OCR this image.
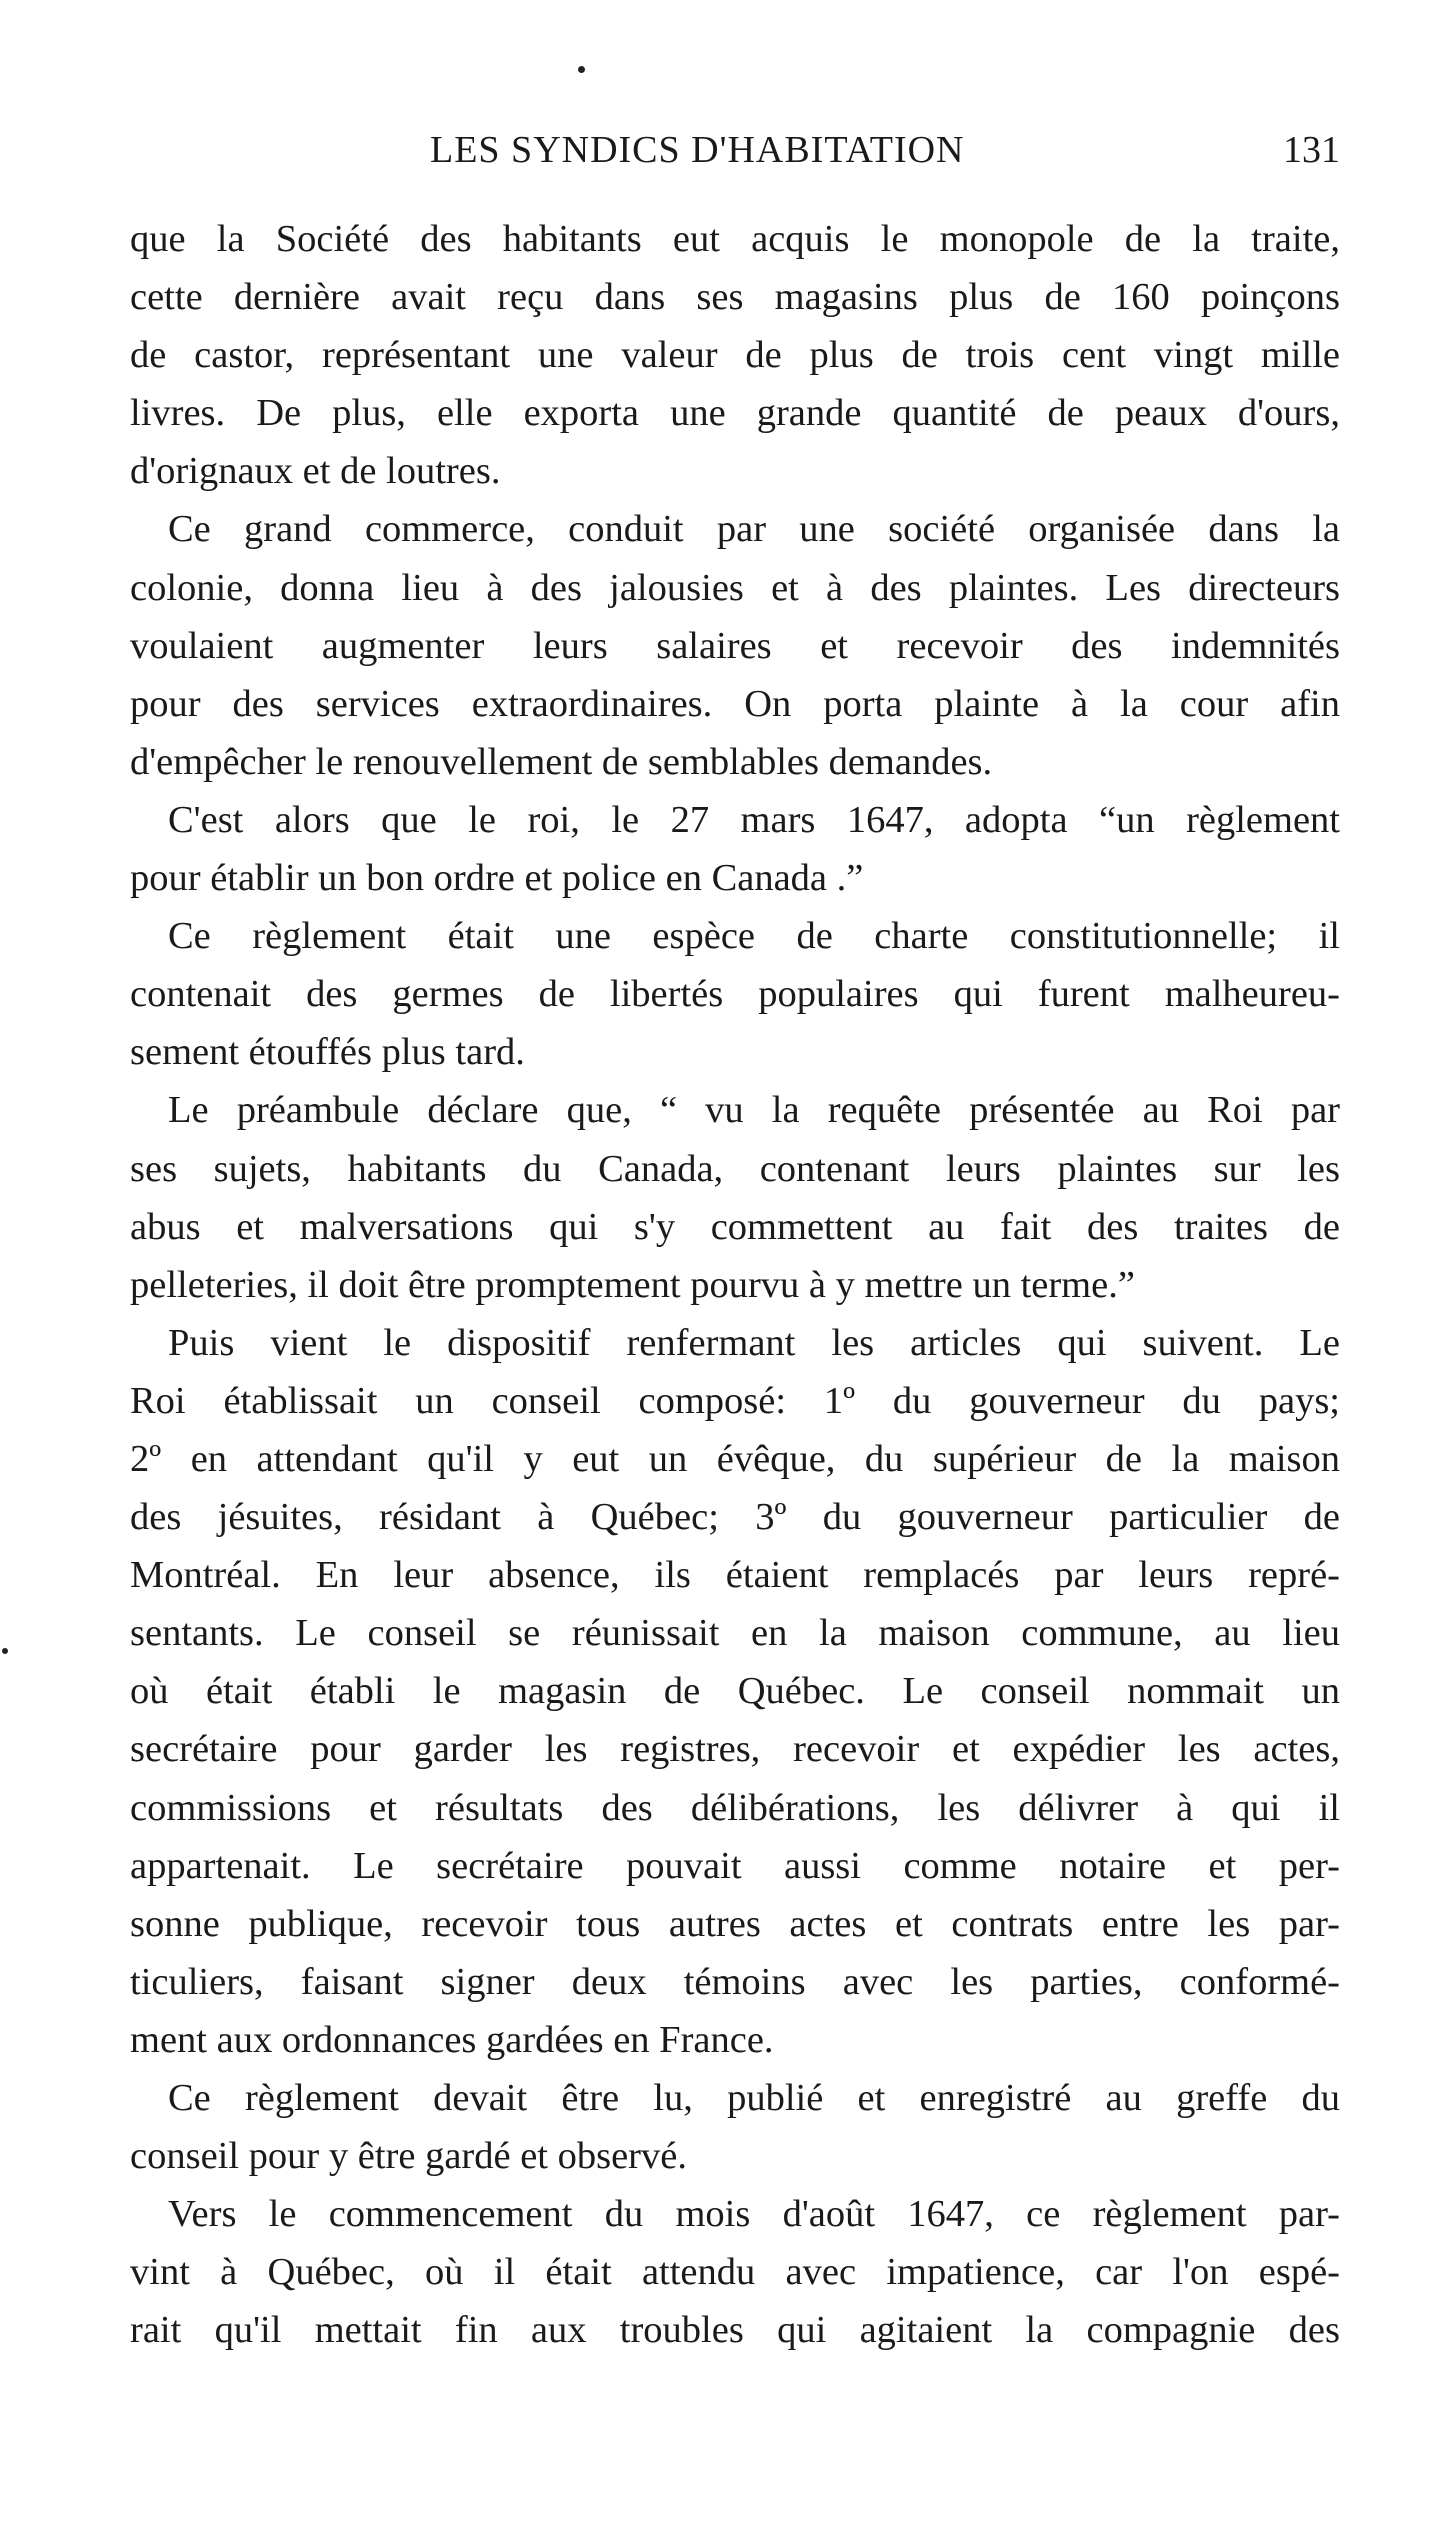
LES SYNDICS D'HABITATION	131
que la Société des habitants eut acquis le monopole de la traite,
cette dernière avait reçu dans ses magasins plus de 160 poinçons
de castor, représentant une valeur de plus de trois cent vingt mille
livres. De plus, elle exporta une grande quantité de peaux d'ours,
d'orignaux et de loutres.
Ce grand commerce, conduit par une société organisée dans la
colonie, donna lieu à des jalousies et à des plaintes. Les directeurs
voulaient augmenter leurs salaires et recevoir des indemnités
pour des services extraordinaires. On porta plainte à la cour afin
d'empêcher le renouvellement de semblables demandes.
C'est alors que le roi, le 27 mars 1647, adopta “un règlement
pour établir un bon ordre et police en Canada .”
Ce règlement était une espèce de charte constitutionnelle; il
contenait des germes de libertés populaires qui furent malheureu-
sement étouffés plus tard.
Le préambule déclare que, “ vu la requête présentée au Roi par
ses sujets, habitants du Canada, contenant leurs plaintes sur les
abus et malversations qui s'y commettent au fait des traites de
pelleteries, il doit être promptement pourvu à y mettre un terme.”
Puis vient le dispositif renfermant les articles qui suivent. Le
Roi établissait un conseil composé: 1º du gouverneur du pays;
2º en attendant qu'il y eut un évêque, du supérieur de la maison
des jésuites, résidant à Québec; 3º du gouverneur particulier de
Montréal. En leur absence, ils étaient remplacés par leurs repré-
sentants. Le conseil se réunissait en la maison commune, au lieu
où était établi le magasin de Québec. Le conseil nommait un
secrétaire pour garder les registres, recevoir et expédier les actes,
commissions et résultats des délibérations, les délivrer à qui il
appartenait. Le secrétaire pouvait aussi comme notaire et per-
sonne publique, recevoir tous autres actes et contrats entre les par-
ticuliers, faisant signer deux témoins avec les parties, conformé-
ment aux ordonnances gardées en France.
Ce règlement devait être lu, publié et enregistré au greffe du
conseil pour y être gardé et observé.
Vers le commencement du mois d'août 1647, ce règlement par-
vint à Québec, où il était attendu avec impatience, car l'on espé-
rait qu'il mettait fin aux troubles qui agitaient la compagnie des
